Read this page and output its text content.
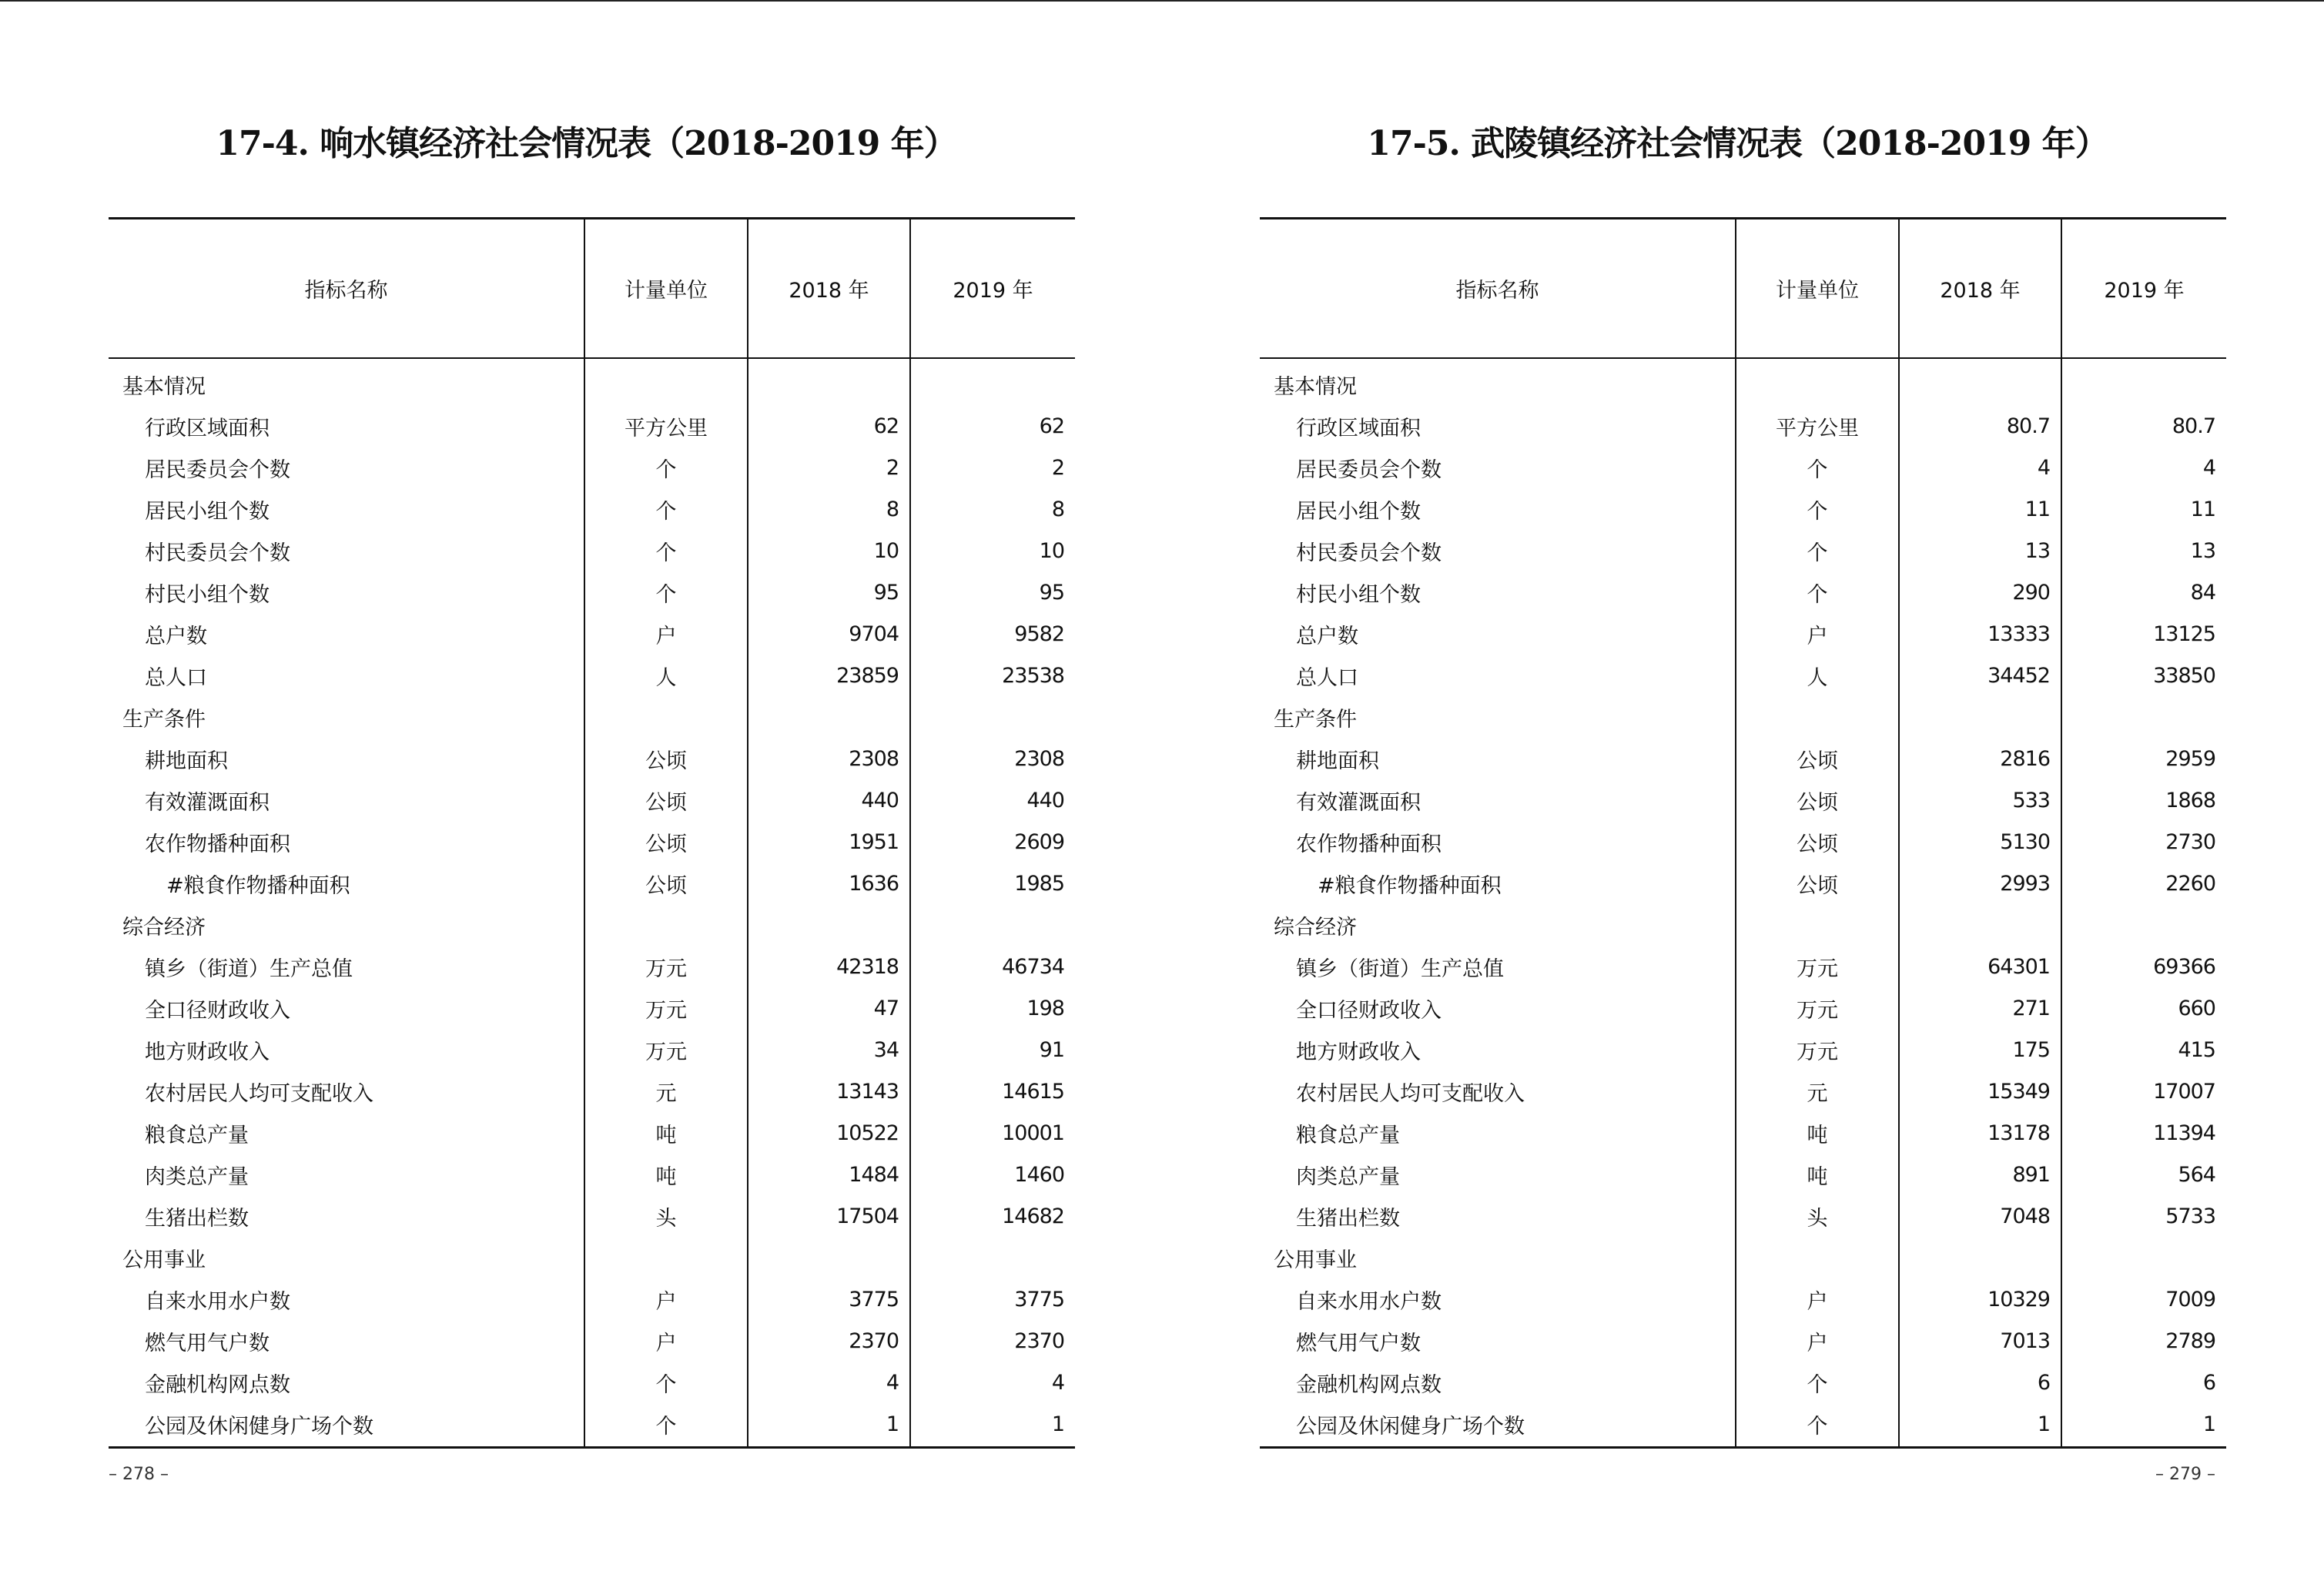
17-4. 响水镇经济社会情况表（2018-2019 年）
指标名称	计量单位	2018 年	2019 年
基本情况			
行政区域面积	平方公里	62	62
居民委员会个数	个	2	2
居民小组个数	个	8	8
村民委员会个数	个	10	10
村民小组个数	个	95	95
总户数	户	9704	9582
总人口	人	23859	23538
生产条件			
耕地面积	公顷	2308	2308
有效灌溉面积	公顷	440	440
农作物播种面积	公顷	1951	2609
#粮食作物播种面积	公顷	1636	1985
综合经济			
镇乡（街道）生产总值	万元	42318	46734
全口径财政收入	万元	47	198
地方财政收入	万元	34	91
农村居民人均可支配收入	元	13143	14615
粮食总产量	吨	10522	10001
肉类总产量	吨	1484	1460
生猪出栏数	头	17504	14682
公用事业			
自来水用水户数	户	3775	3775
燃气用气户数	户	2370	2370
金融机构网点数	个	4	4
公园及休闲健身广场个数	个	1	1
– 278 –
17-5. 武陵镇经济社会情况表（2018-2019 年）
指标名称	计量单位	2018 年	2019 年
基本情况			
行政区域面积	平方公里	80.7	80.7
居民委员会个数	个	4	4
居民小组个数	个	11	11
村民委员会个数	个	13	13
村民小组个数	个	290	84
总户数	户	13333	13125
总人口	人	34452	33850
生产条件			
耕地面积	公顷	2816	2959
有效灌溉面积	公顷	533	1868
农作物播种面积	公顷	5130	2730
#粮食作物播种面积	公顷	2993	2260
综合经济			
镇乡（街道）生产总值	万元	64301	69366
全口径财政收入	万元	271	660
地方财政收入	万元	175	415
农村居民人均可支配收入	元	15349	17007
粮食总产量	吨	13178	11394
肉类总产量	吨	891	564
生猪出栏数	头	7048	5733
公用事业			
自来水用水户数	户	10329	7009
燃气用气户数	户	7013	2789
金融机构网点数	个	6	6
公园及休闲健身广场个数	个	1	1
– 279 –
